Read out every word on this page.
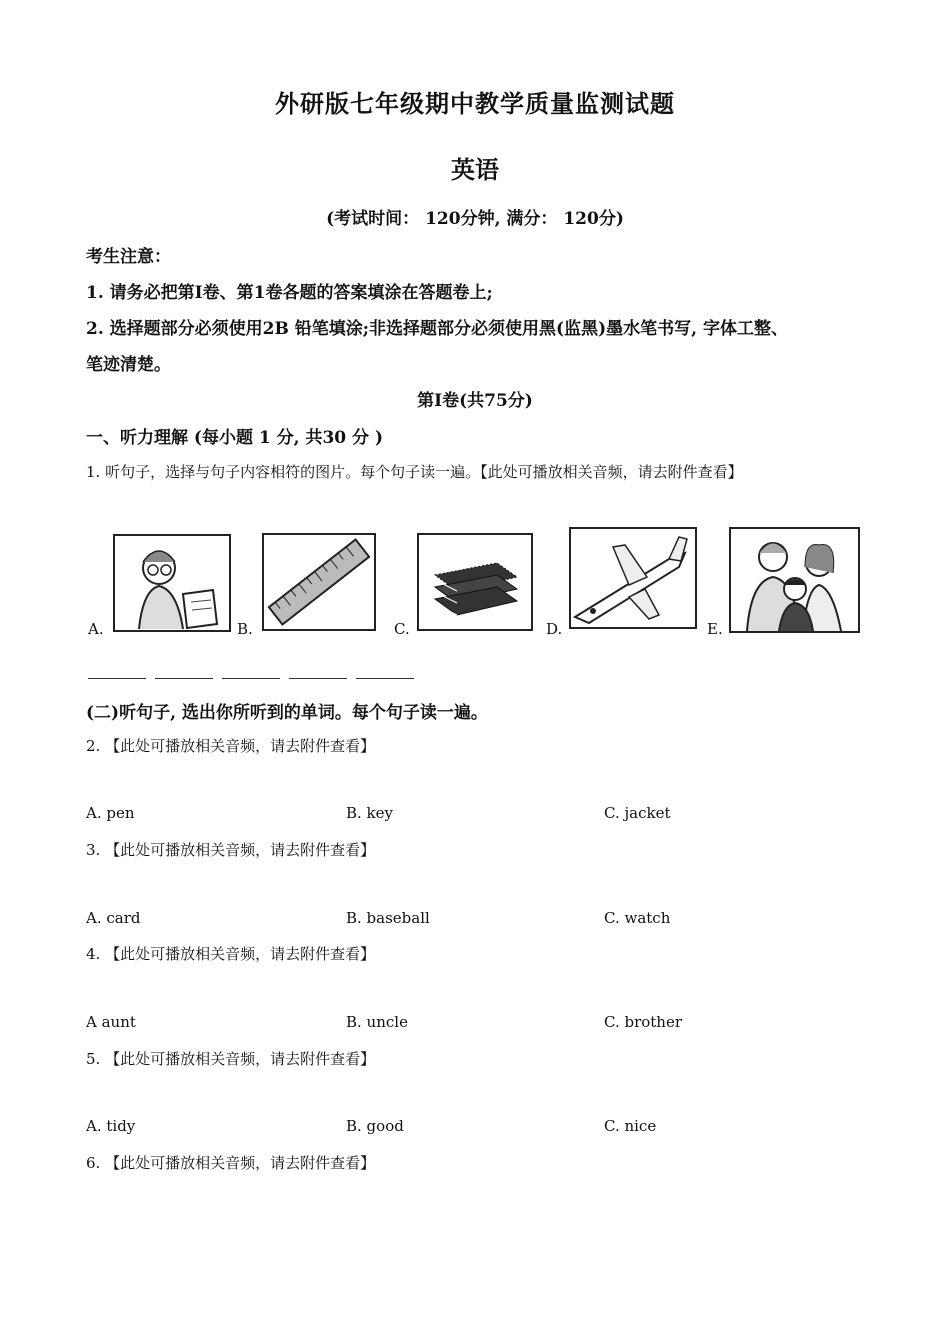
外研版七年级期中教学质量监测试题
英语
(考试时间： 120分钟, 满分： 120分)
考生注意：
1. 请务必把第I卷、第1卷各题的答案填涂在答题卷上;
2. 选择题部分必须使用2B 铅笔填涂;非选择题部分必须使用黑(监黑)墨水笔书写, 字体工整、
笔迹清楚。
第I卷(共75分)
一、听力理解 (每小题 1 分, 共30 分 )
1. 听句子，选择与句子内容相符的图片。每个句子读一遍。【此处可播放相关音频，请去附件查看】
A.	B.	C.	D.	E.
(二)听句子, 选出你所听到的单词。每个句子读一遍。
2. 【此处可播放相关音频，请去附件查看】
A. pen	B. key	C. jacket
3. 【此处可播放相关音频，请去附件查看】
A. card	B. baseball	C. watch
4. 【此处可播放相关音频，请去附件查看】
A aunt	B. uncle	C. brother
5. 【此处可播放相关音频，请去附件查看】
A. tidy	B. good	C. nice
6. 【此处可播放相关音频，请去附件查看】
